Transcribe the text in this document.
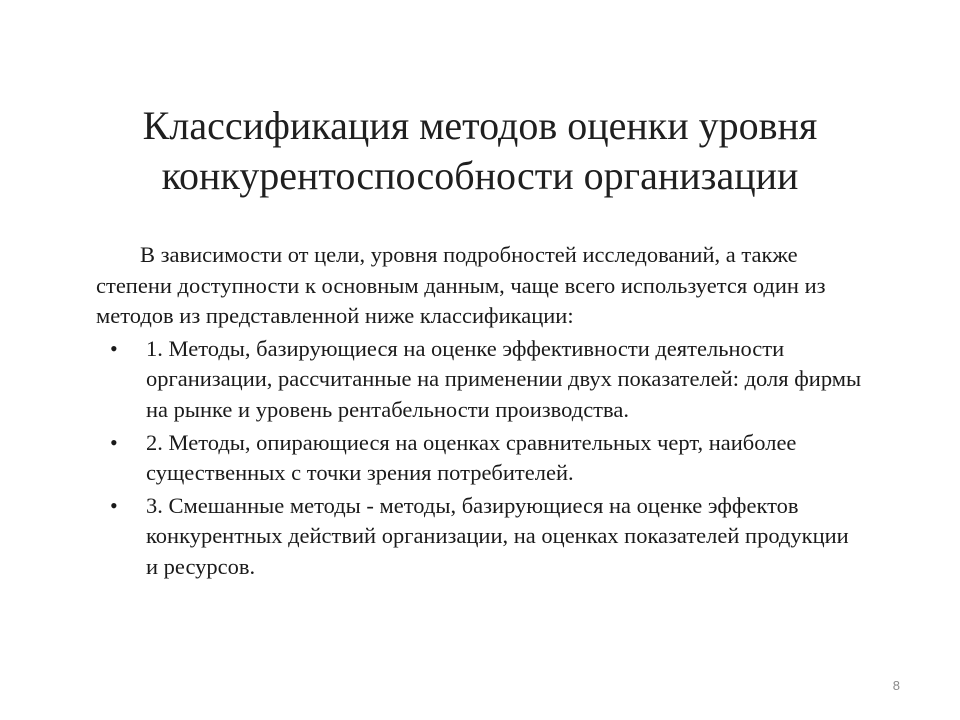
Классификация методов оценки уровня конкурентоспособности организации

В зависимости от цели, уровня подробностей исследований, а также степени доступности к основным данным, чаще всего используется один из методов из представленной ниже классификации:

• 1. Методы, базирующиеся на оценке эффективности деятельности организации, рассчитанные на применении двух показателей: доля фирмы на рынке и уровень рентабельности производства.
• 2. Методы, опирающиеся на оценках сравнительных черт, наиболее существенных с точки зрения потребителей.
• 3. Смешанные методы - методы, базирующиеся на оценке эффектов конкурентных действий организации, на оценках показателей продукции и ресурсов.
8
